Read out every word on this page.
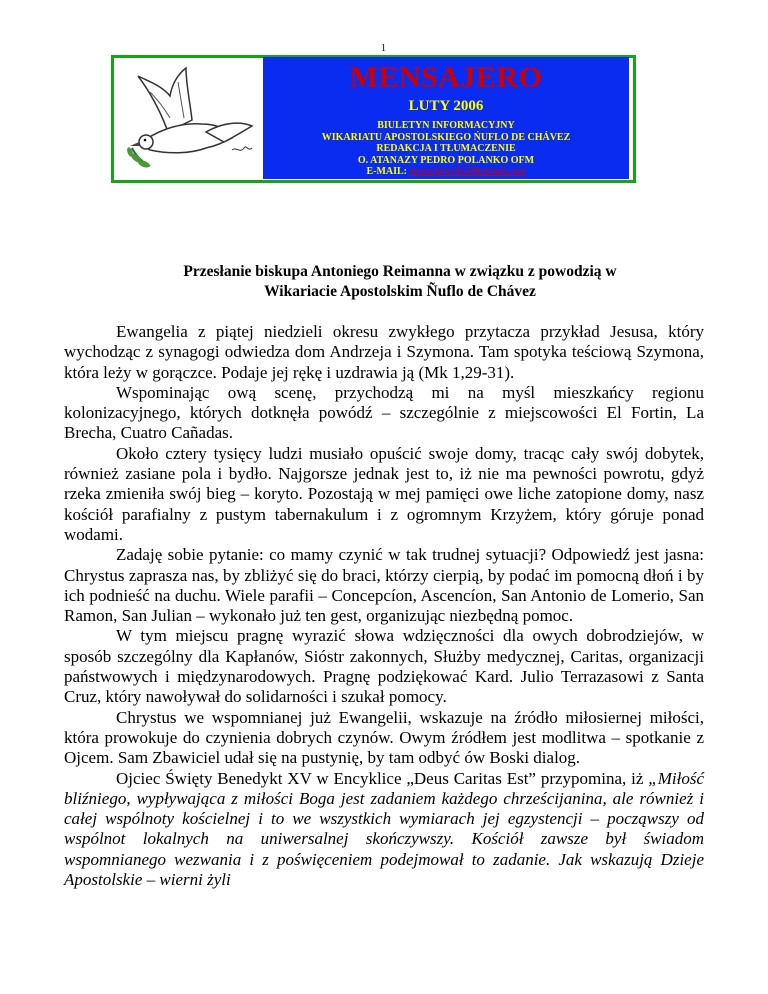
1
MENSAJERO
LUTY 2006
BIULETYN INFORMACYJNY
WIKARIATU APOSTOLSKIEGO ŃUFLO DE CHÁVEZ
REDAKCJA I TŁUMACZENIE
O. ATANAZY PEDRO POLANKO OFM
E-MAIL: mensajero19538hotmail.com
Przesłanie biskupa Antoniego Reimanna w związku z powodzią w
Wikariacie Apostolskim Ñuflo de Chávez

Ewangelia z piątej niedzieli okresu zwykłego przytacza przykład Jesusa, który wychodząc z synagogi odwiedza dom Andrzeja i Szymona. Tam spotyka teściową Szymona, która leży w gorączce. Podaje jej rękę i uzdrawia ją (Mk 1,29-31).

Wspominając ową scenę, przychodzą mi na myśl mieszkańcy regionu kolonizacyjnego, których dotknęła powódź – szczególnie z miejscowości El Fortin, La Brecha, Cuatro Cañadas.

Około cztery tysięcy ludzi musiało opuścić swoje domy, tracąc cały swój dobytek, również zasiane pola i bydło. Najgorsze jednak jest to, iż nie ma pewności powrotu, gdyż rzeka zmieniła swój bieg – koryto. Pozostają w mej pamięci owe liche zatopione domy, nasz kościół parafialny z pustym tabernakulum i z ogromnym Krzyżem, który góruje ponad wodami.

Zadaję sobie pytanie: co mamy czynić w tak trudnej sytuacji? Odpowiedź jest jasna: Chrystus zaprasza nas, by zbliżyć się do braci, którzy cierpią, by podać im pomocną dłoń i by ich podnieść na duchu. Wiele parafii – Concepcíon, Ascencíon, San Antonio de Lomerio, San Ramon, San Julian – wykonało już ten gest, organizując niezbędną pomoc.

W tym miejscu pragnę wyrazić słowa wdzięczności dla owych dobrodziejów, w sposób szczególny dla Kapłanów, Sióstr zakonnych, Służby medycznej, Caritas, organizacji państwowych i międzynarodowych. Pragnę podziękować Kard. Julio Terrazasowi z Santa Cruz, który nawoływał do solidarności i szukał pomocy.

Chrystus we wspomnianej już Ewangelii, wskazuje na źródło miłosiernej miłości, która prowokuje do czynienia dobrych czynów. Owym źródłem jest modlitwa – spotkanie z Ojcem. Sam Zbawiciel udał się na pustynię, by tam odbyć ów Boski dialog.

Ojciec Święty Benedykt XV w Encyklice „Deus Caritas Est” przypomina, iż „Miłość bliźniego, wypływająca z miłości Boga jest zadaniem każdego chrześcijanina, ale również i całej wspólnoty kościelnej i to we wszystkich wymiarach jej egzystencji – począwszy od wspólnot lokalnych na uniwersalnej skończywszy. Kościół zawsze był świadom wspomnianego wezwania i z poświęceniem podejmował to zadanie. Jak wskazują Dzieje Apostolskie – wierni żyli
